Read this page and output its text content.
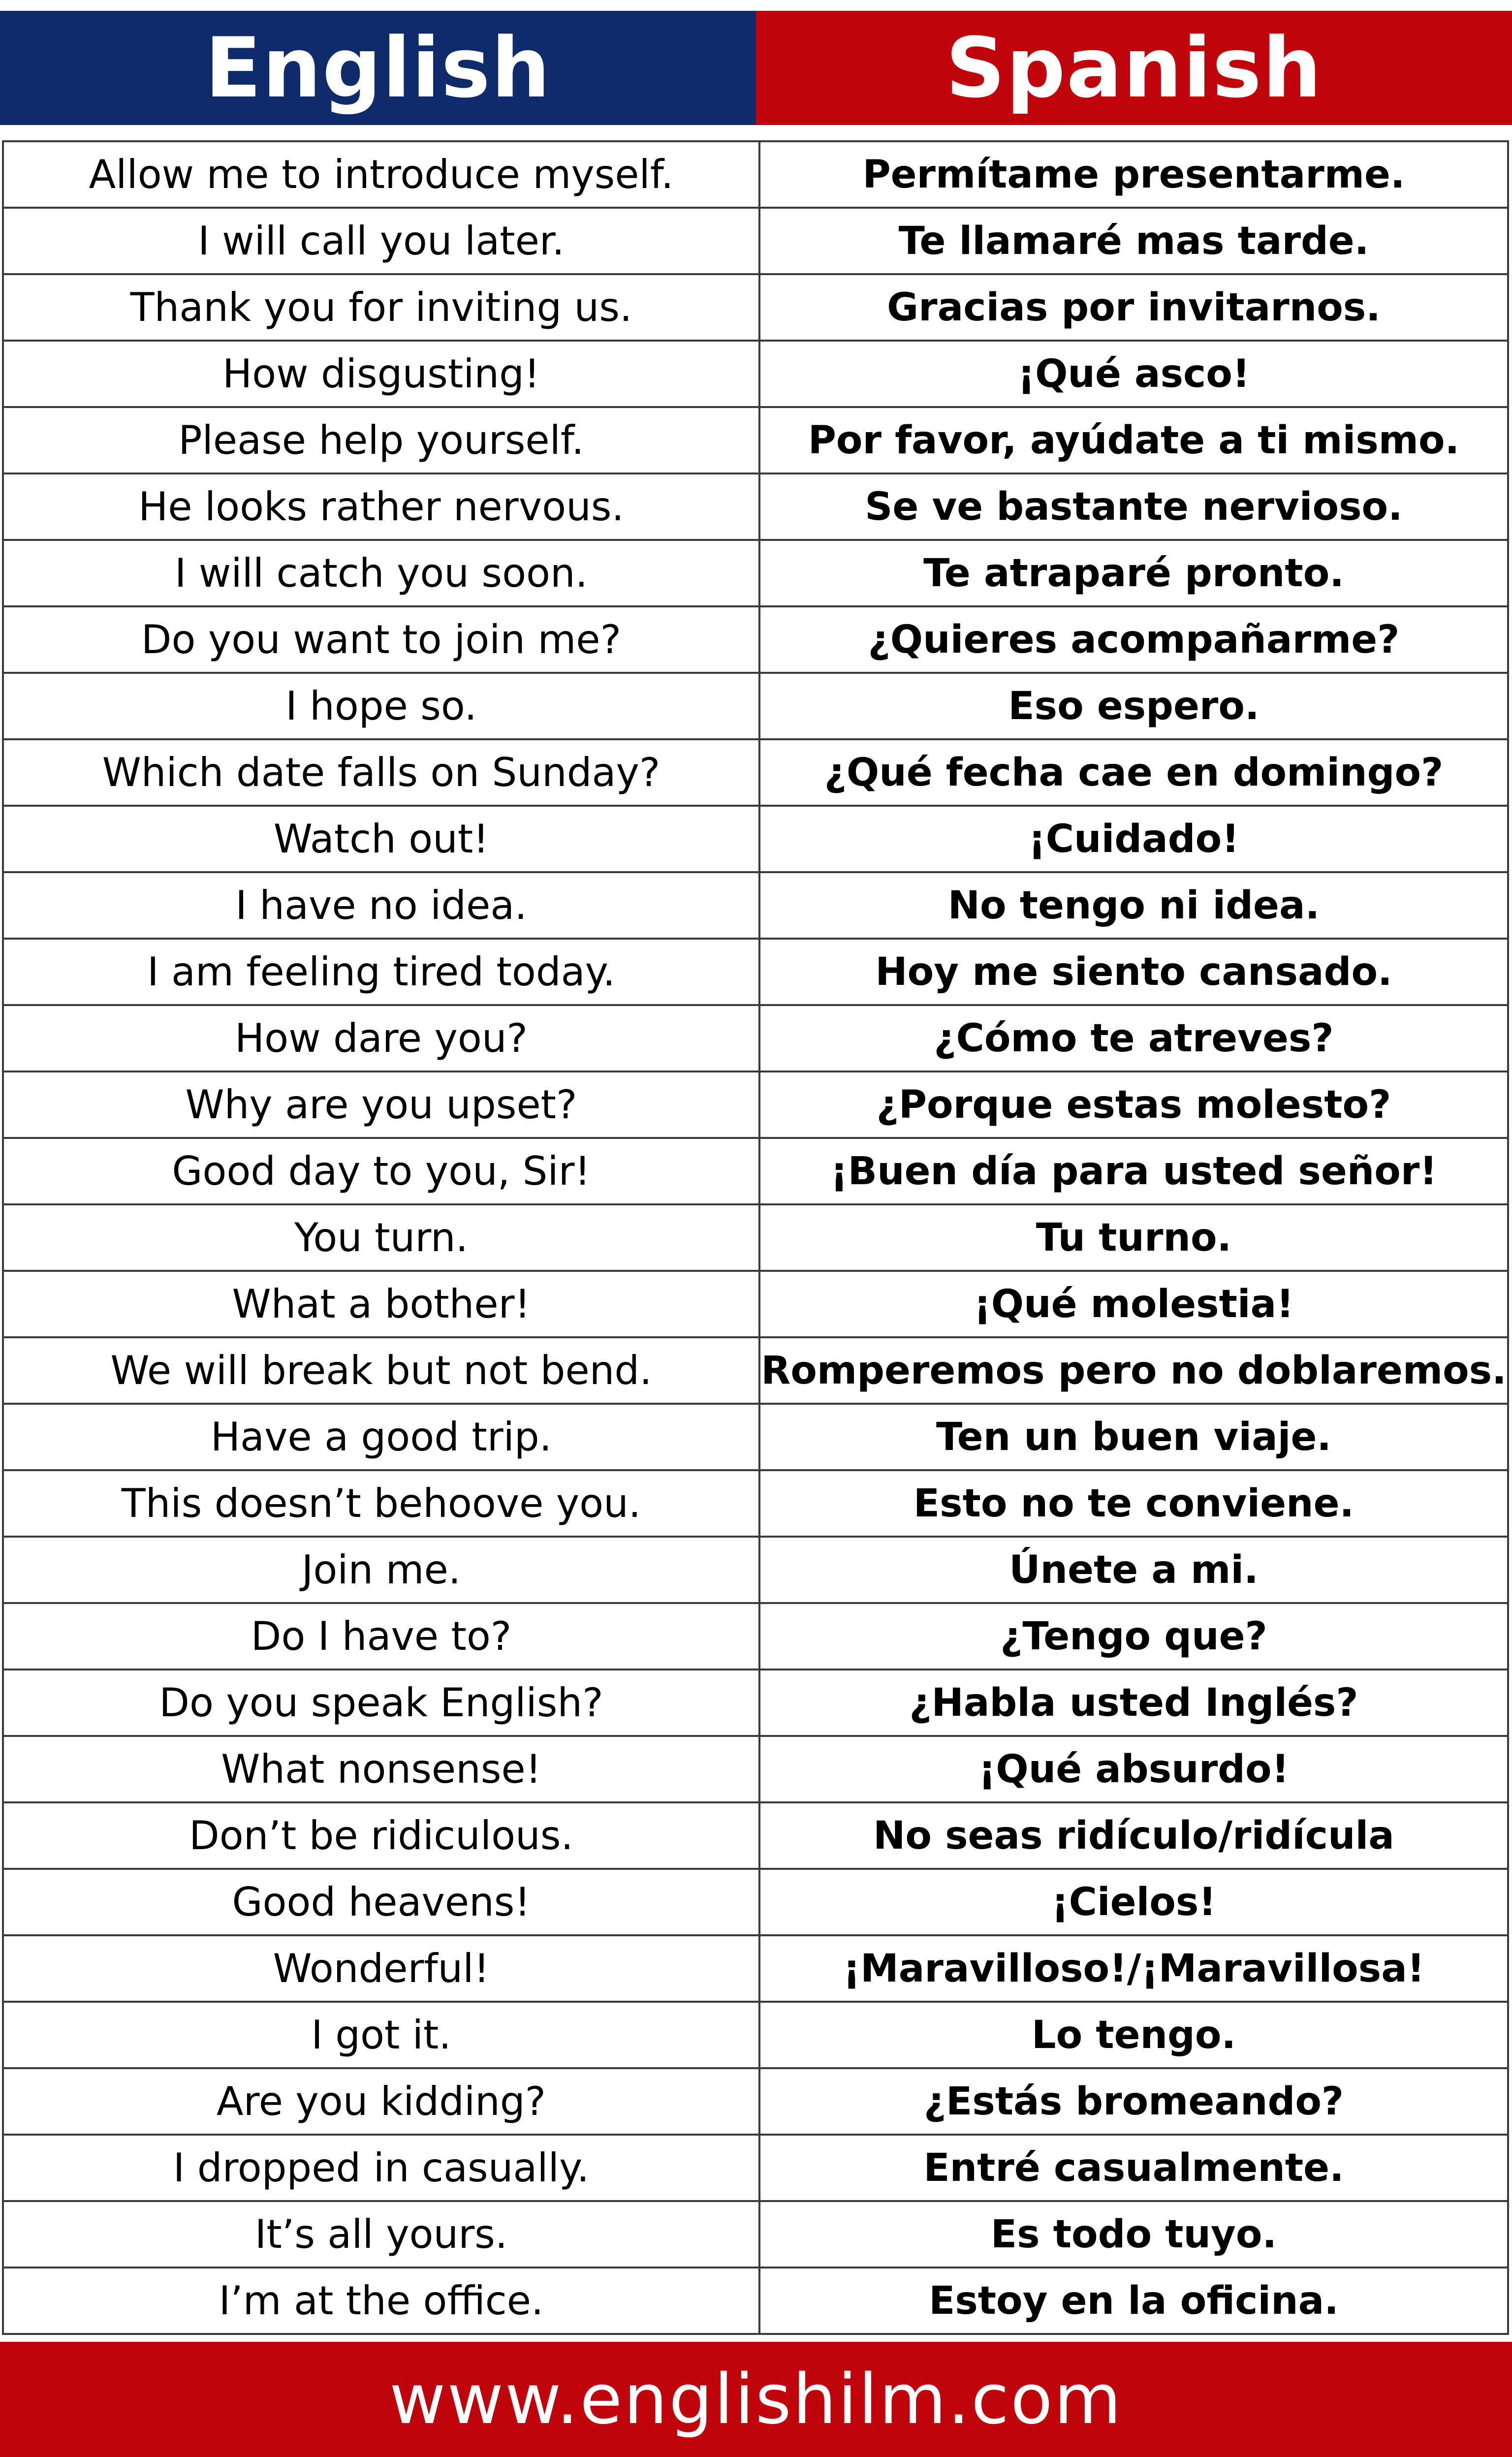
English	Spanish
Allow me to introduce myself.	Permítame presentarme.
I will call you later.	Te llamaré mas tarde.
Thank you for inviting us.	Gracias por invitarnos.
How disgusting!	¡Qué asco!
Please help yourself.	Por favor, ayúdate a ti mismo.
He looks rather nervous.	Se ve bastante nervioso.
I will catch you soon.	Te atraparé pronto.
Do you want to join me?	¿Quieres acompañarme?
I hope so.	Eso espero.
Which date falls on Sunday?	¿Qué fecha cae en domingo?
Watch out!	¡Cuidado!
I have no idea.	No tengo ni idea.
I am feeling tired today.	Hoy me siento cansado.
How dare you?	¿Cómo te atreves?
Why are you upset?	¿Porque estas molesto?
Good day to you, Sir!	¡Buen día para usted señor!
You turn.	Tu turno.
What a bother!	¡Qué molestia!
We will break but not bend.	Romperemos pero no doblaremos.
Have a good trip.	Ten un buen viaje.
This doesn’t behoove you.	Esto no te conviene.
Join me.	Únete a mi.
Do I have to?	¿Tengo que?
Do you speak English?	¿Habla usted Inglés?
What nonsense!	¡Qué absurdo!
Don’t be ridiculous.	No seas ridículo/ridícula
Good heavens!	¡Cielos!
Wonderful!	¡Maravilloso!/¡Maravillosa!
I got it.	Lo tengo.
Are you kidding?	¿Estás bromeando?
I dropped in casually.	Entré casualmente.
It’s all yours.	Es todo tuyo.
I’m at the office.	Estoy en la oficina.
www.englishilm.com
